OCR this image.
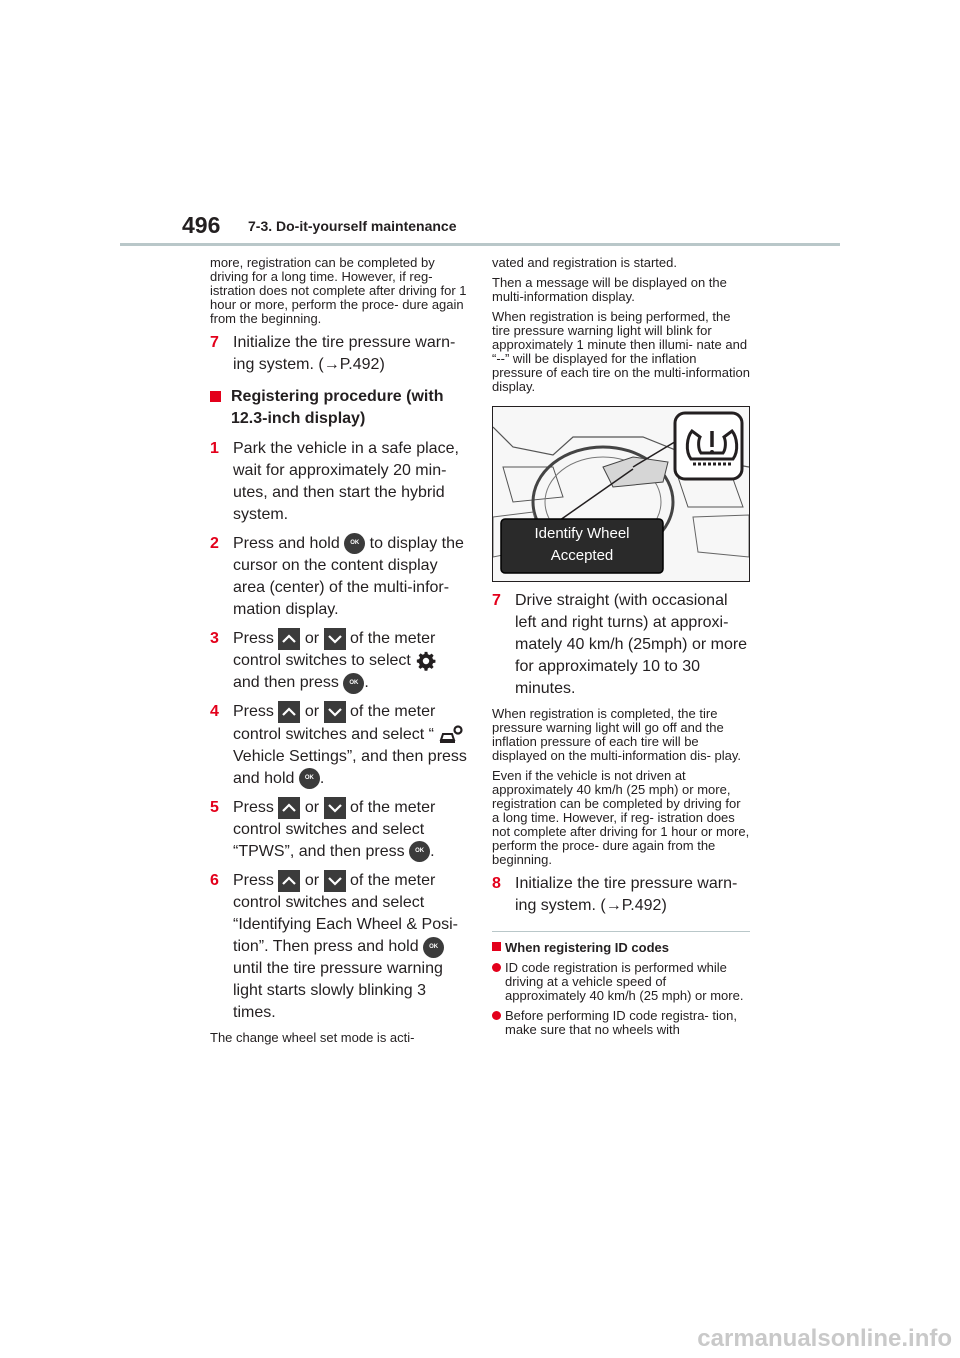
496 7-3. Do-it-yourself maintenance

more, registration can be completed by driving for a long time. However, if reg- istration does not complete after driving for 1 hour or more, perform the proce- dure again from the beginning.

7 Initialize the tire pressure warn- ing system. (→P.492)
Registering procedure (with 12.3-inch display)
1 Park the vehicle in a safe place, wait for approximately 20 min- utes, and then start the hybrid system.
2 Press and hold OK to display the cursor on the content display area (center) of the multi-infor- mation display.
3 Press or of the meter control switches to select  and then press OK .
4 Press or of the meter control switches and select “  Vehicle Settings”, and then press and hold OK .
5 Press or of the meter control switches and select “TPWS”, and then press OK .
6 Press or of the meter control switches and select “Identifying Each Wheel & Posi- tion”. Then press and hold OK until the tire pressure warning light starts slowly blinking 3 times.

The change wheel set mode is acti-

vated and registration is started.

Then a message will be displayed on the multi-information display.

When registration is being performed, the tire pressure warning light will blink for approximately 1 minute then illumi- nate and “--” will be displayed for the inflation pressure of each tire on the multi-information display.

Identify Wheel
Accepted
7 Drive straight (with occasional left and right turns) at approxi- mately 40 km/h (25mph) or more for approximately 10 to 30 minutes.

When registration is completed, the tire pressure warning light will go off and the inflation pressure of each tire will be displayed on the multi-information dis- play.

Even if the vehicle is not driven at approximately 40 km/h (25 mph) or more, registration can be completed by driving for a long time. However, if reg- istration does not complete after driving for 1 hour or more, perform the proce- dure again from the beginning.

8 Initialize the tire pressure warn- ing system. (→P.492)
When registering ID codes
ID code registration is performed while driving at a vehicle speed of approximately 40 km/h (25 mph) or more.
Before performing ID code registra- tion, make sure that no wheels with
carmanualsonline.info
